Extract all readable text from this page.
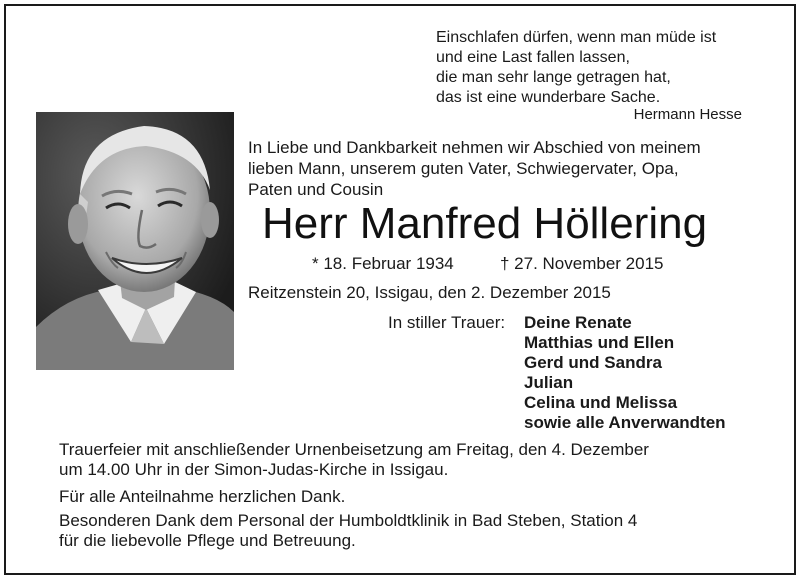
Einschlafen dürfen, wenn man müde ist
und eine Last fallen lassen,
die man sehr lange getragen hat,
das ist eine wunderbare Sache.
Hermann Hesse
In Liebe und Dankbarkeit nehmen wir Abschied von meinem
lieben Mann, unserem guten Vater, Schwiegervater, Opa,
Paten und Cousin
Herr Manfred Höllering
* 18. Februar 1934	† 27. November 2015
Reitzenstein 20, Issigau, den 2. Dezember 2015
In stiller Trauer: Deine Renate
Matthias und Ellen
Gerd und Sandra
Julian
Celina und Melissa
sowie alle Anverwandten
Trauerfeier mit anschließender Urnenbeisetzung am Freitag, den 4. Dezember
um 14.00 Uhr in der Simon-Judas-Kirche in Issigau.
Für alle Anteilnahme herzlichen Dank.
Besonderen Dank dem Personal der Humboldtklinik in Bad Steben, Station 4
für die liebevolle Pflege und Betreuung.
